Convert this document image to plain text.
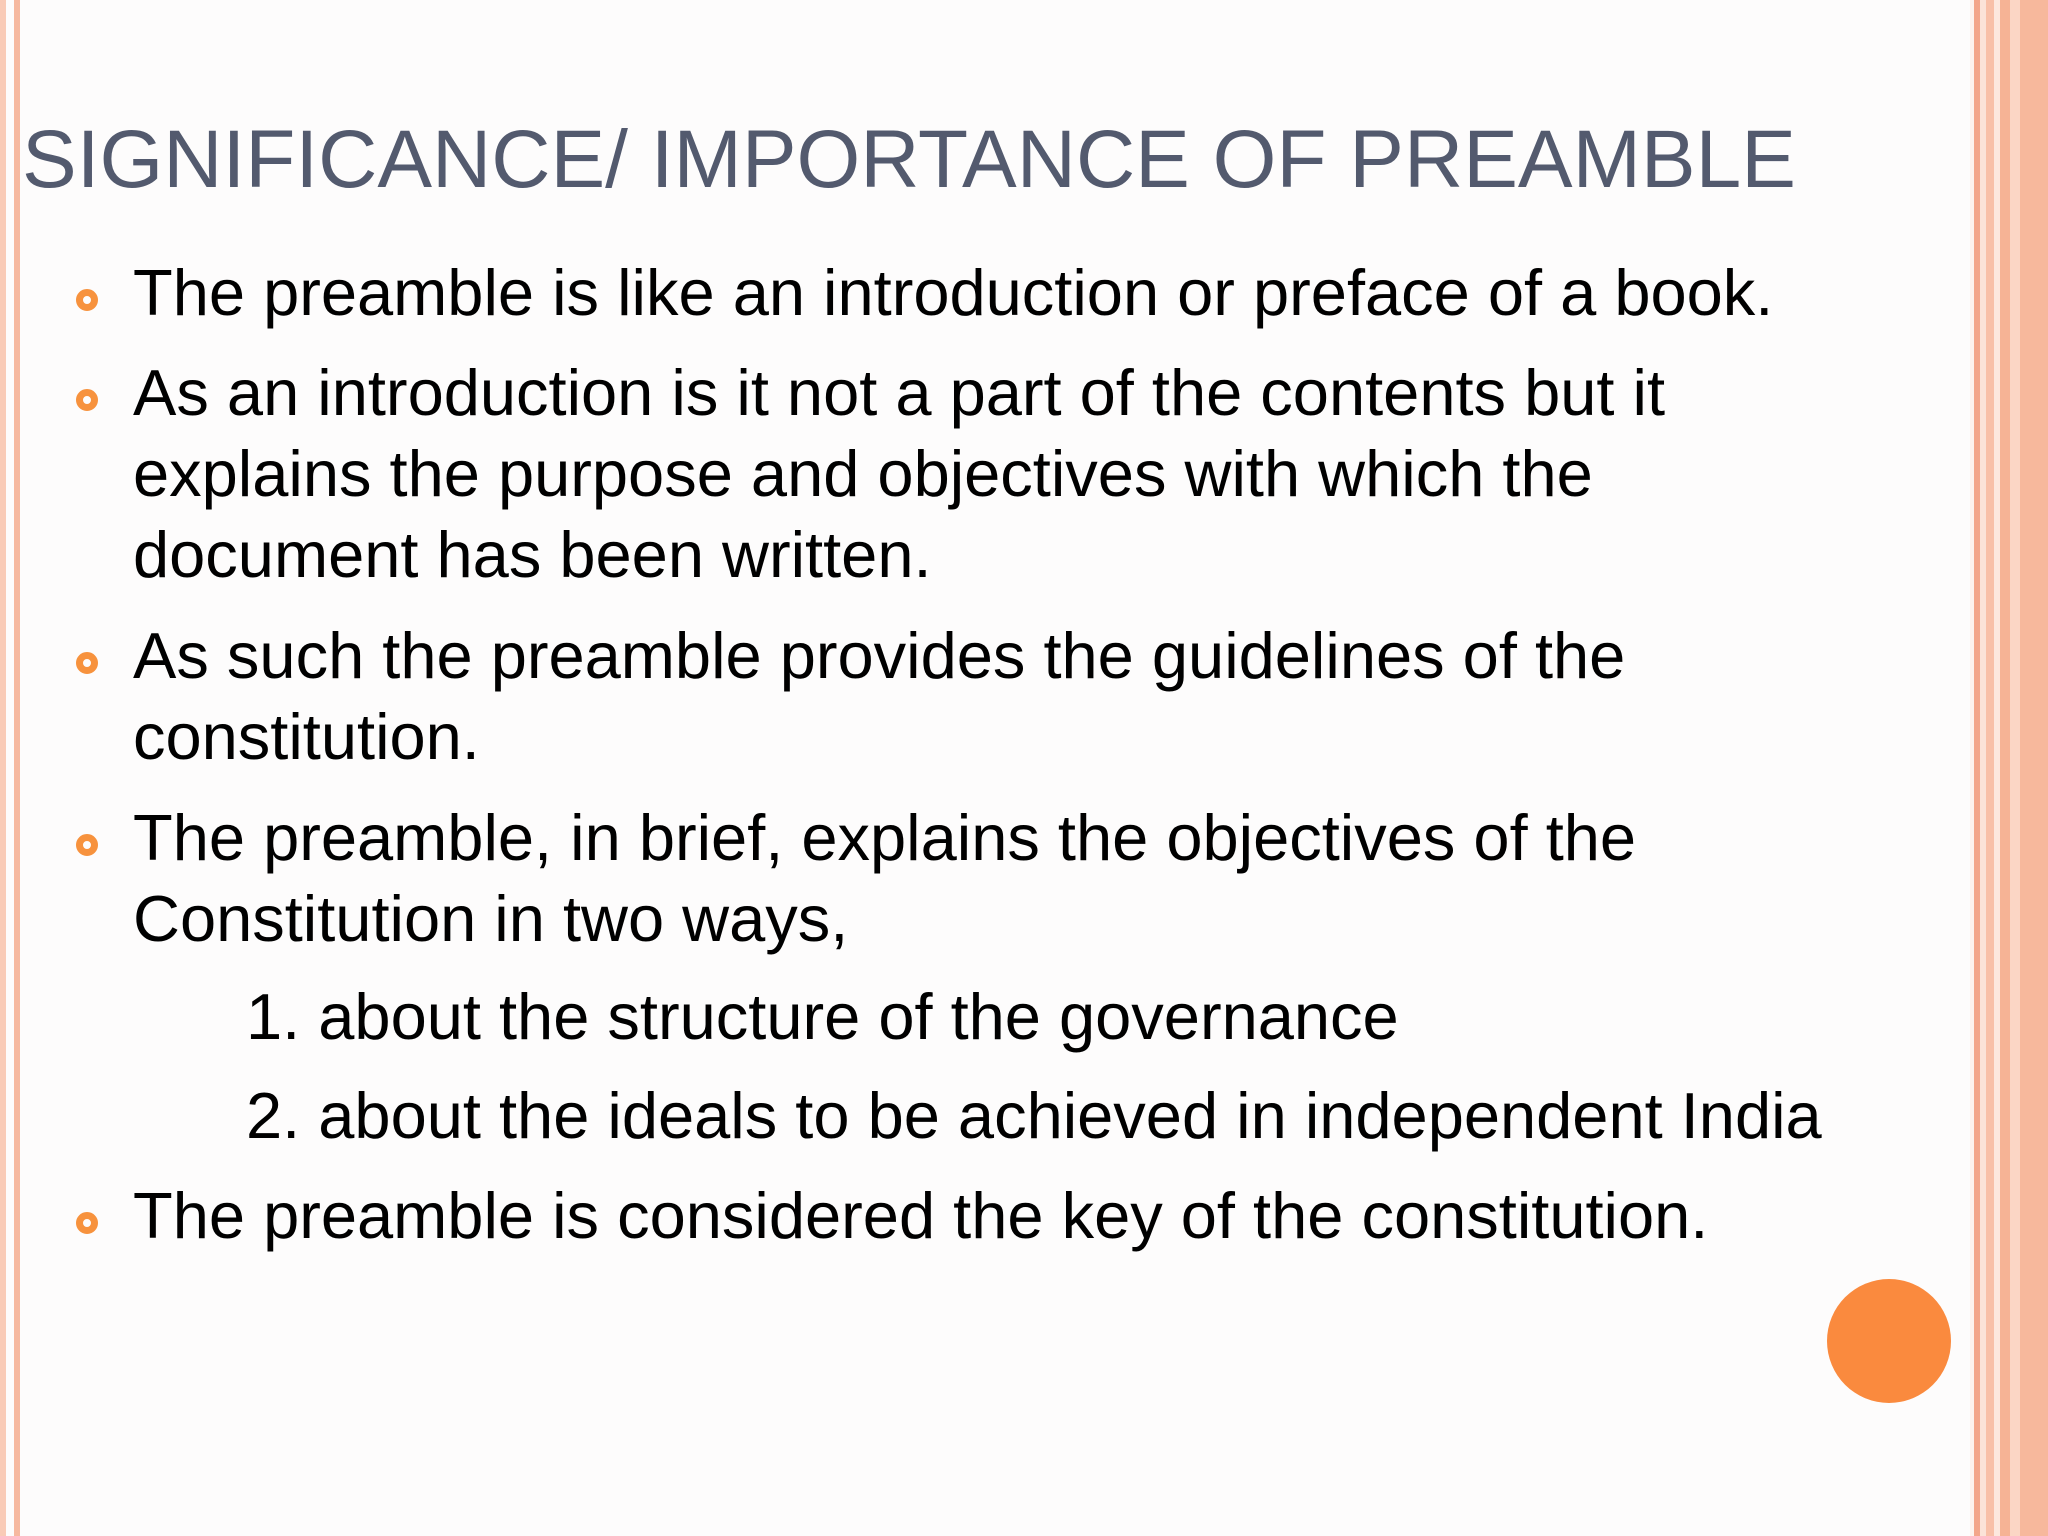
SIGNIFICANCE/ IMPORTANCE OF PREAMBLE
The preamble is like an introduction or preface of a book.
As an introduction is it not a part of the contents but it explains the purpose and objectives with which the document has been written.
As such the preamble provides the guidelines of the constitution.
The preamble, in brief, explains the objectives of the Constitution in two ways,
1. about the structure of the governance
2. about the ideals to be achieved in independent India
The preamble is considered the key of the constitution.
